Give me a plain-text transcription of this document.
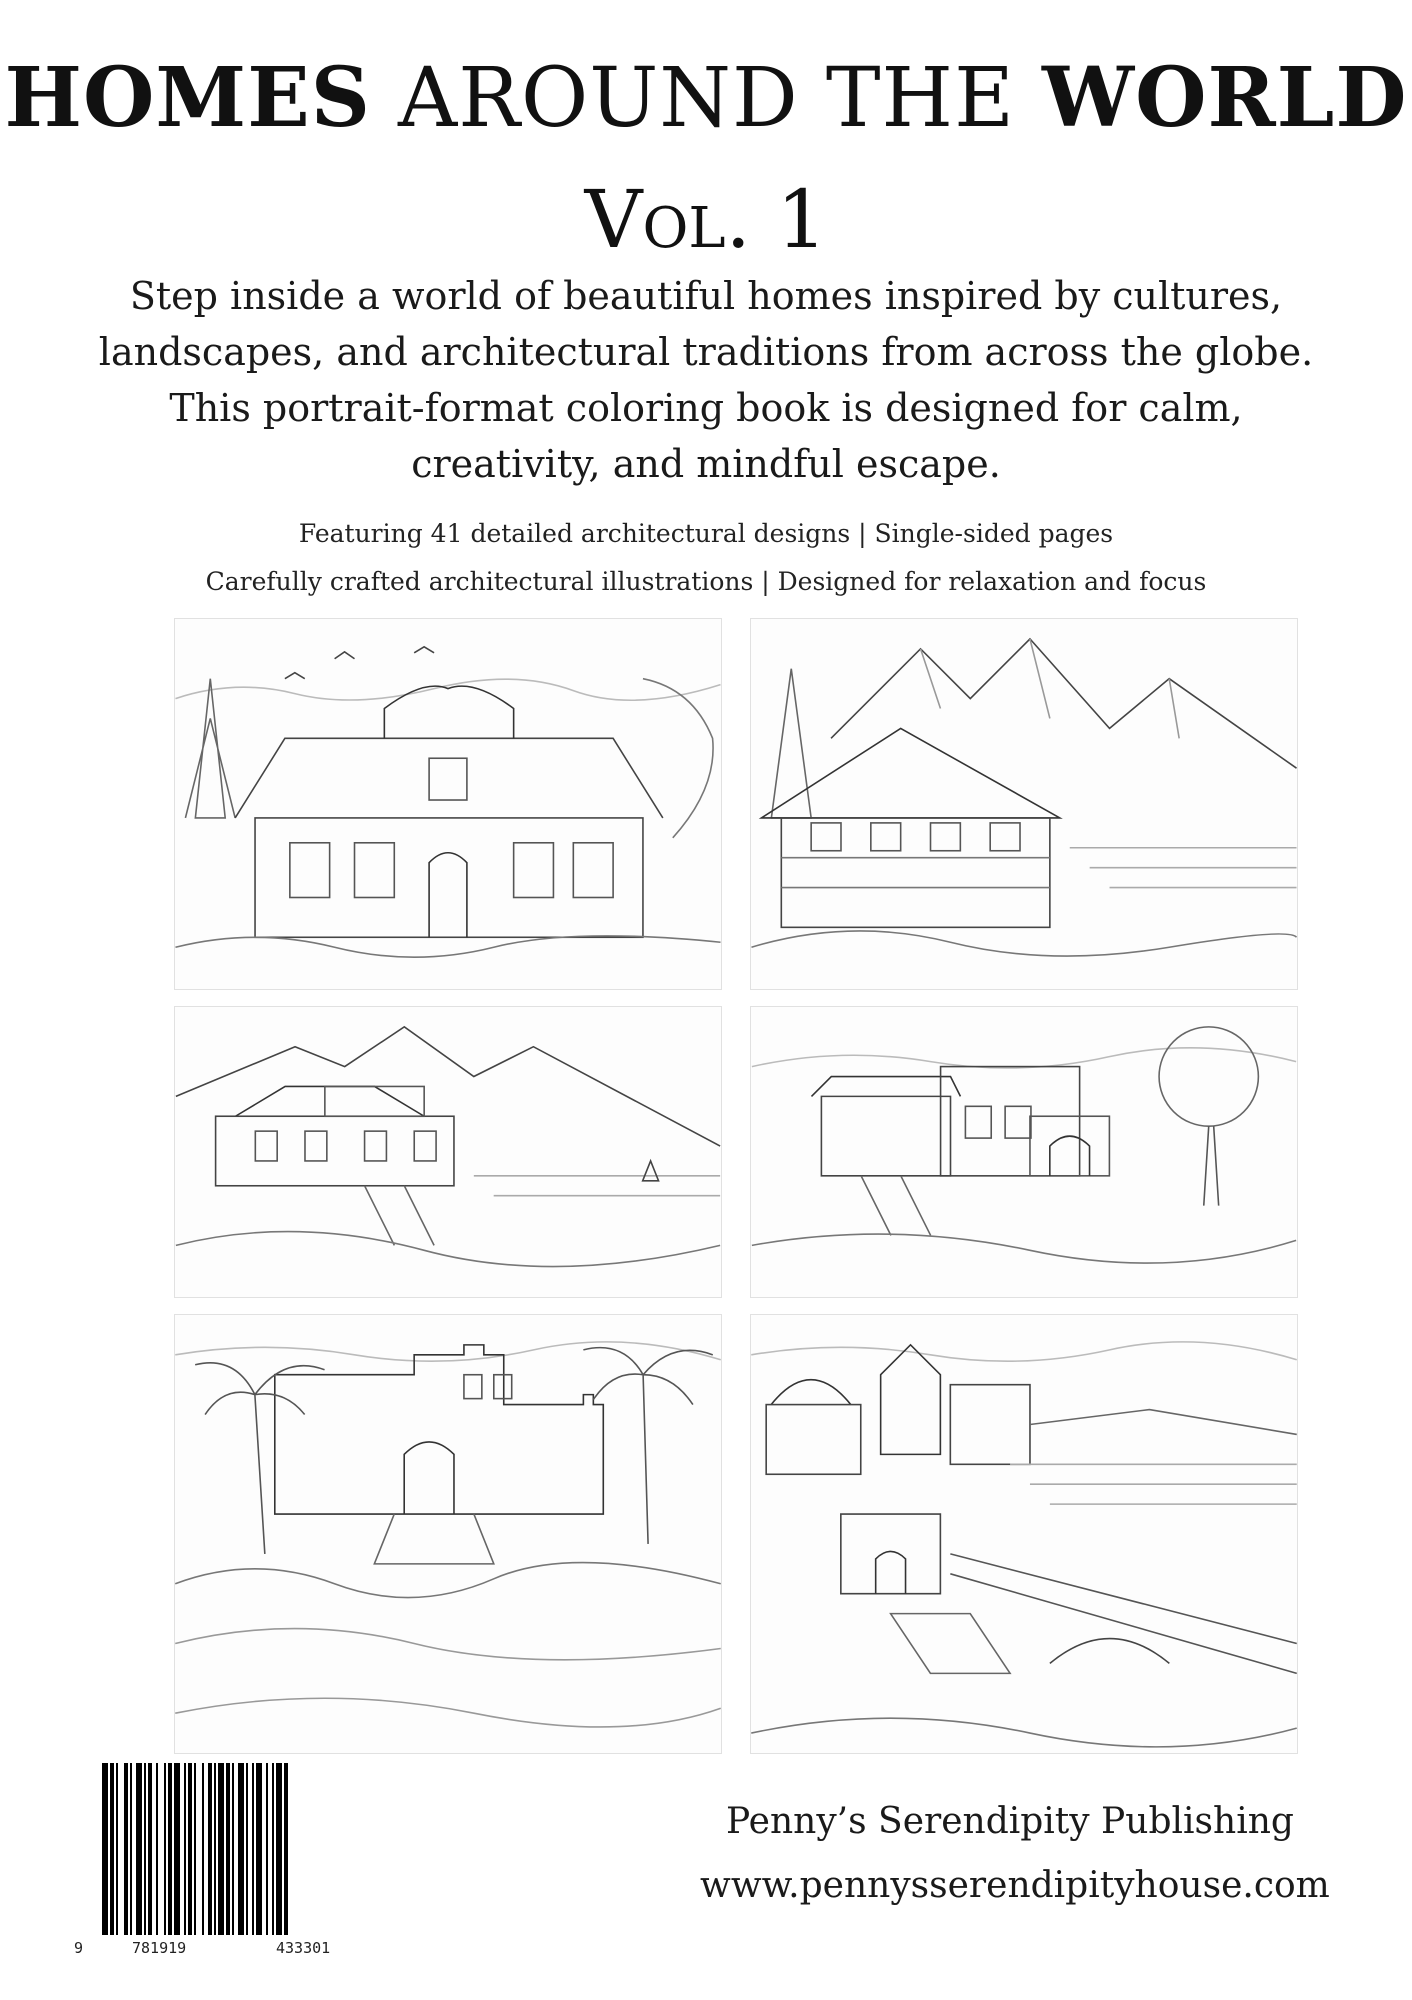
HOMES AROUND THE WORLD
Vol. 1
Step inside a world of beautiful homes inspired by cultures,
landscapes, and architectural traditions from across the globe.
This portrait-format coloring book is designed for calm,
creativity, and mindful escape.
Featuring 41 detailed architectural designs | Single-sided pages
Carefully crafted architectural illustrations | Designed for relaxation and focus
9	781919	433301
Penny’s Serendipity Publishing
www.pennysserendipityhouse.com
